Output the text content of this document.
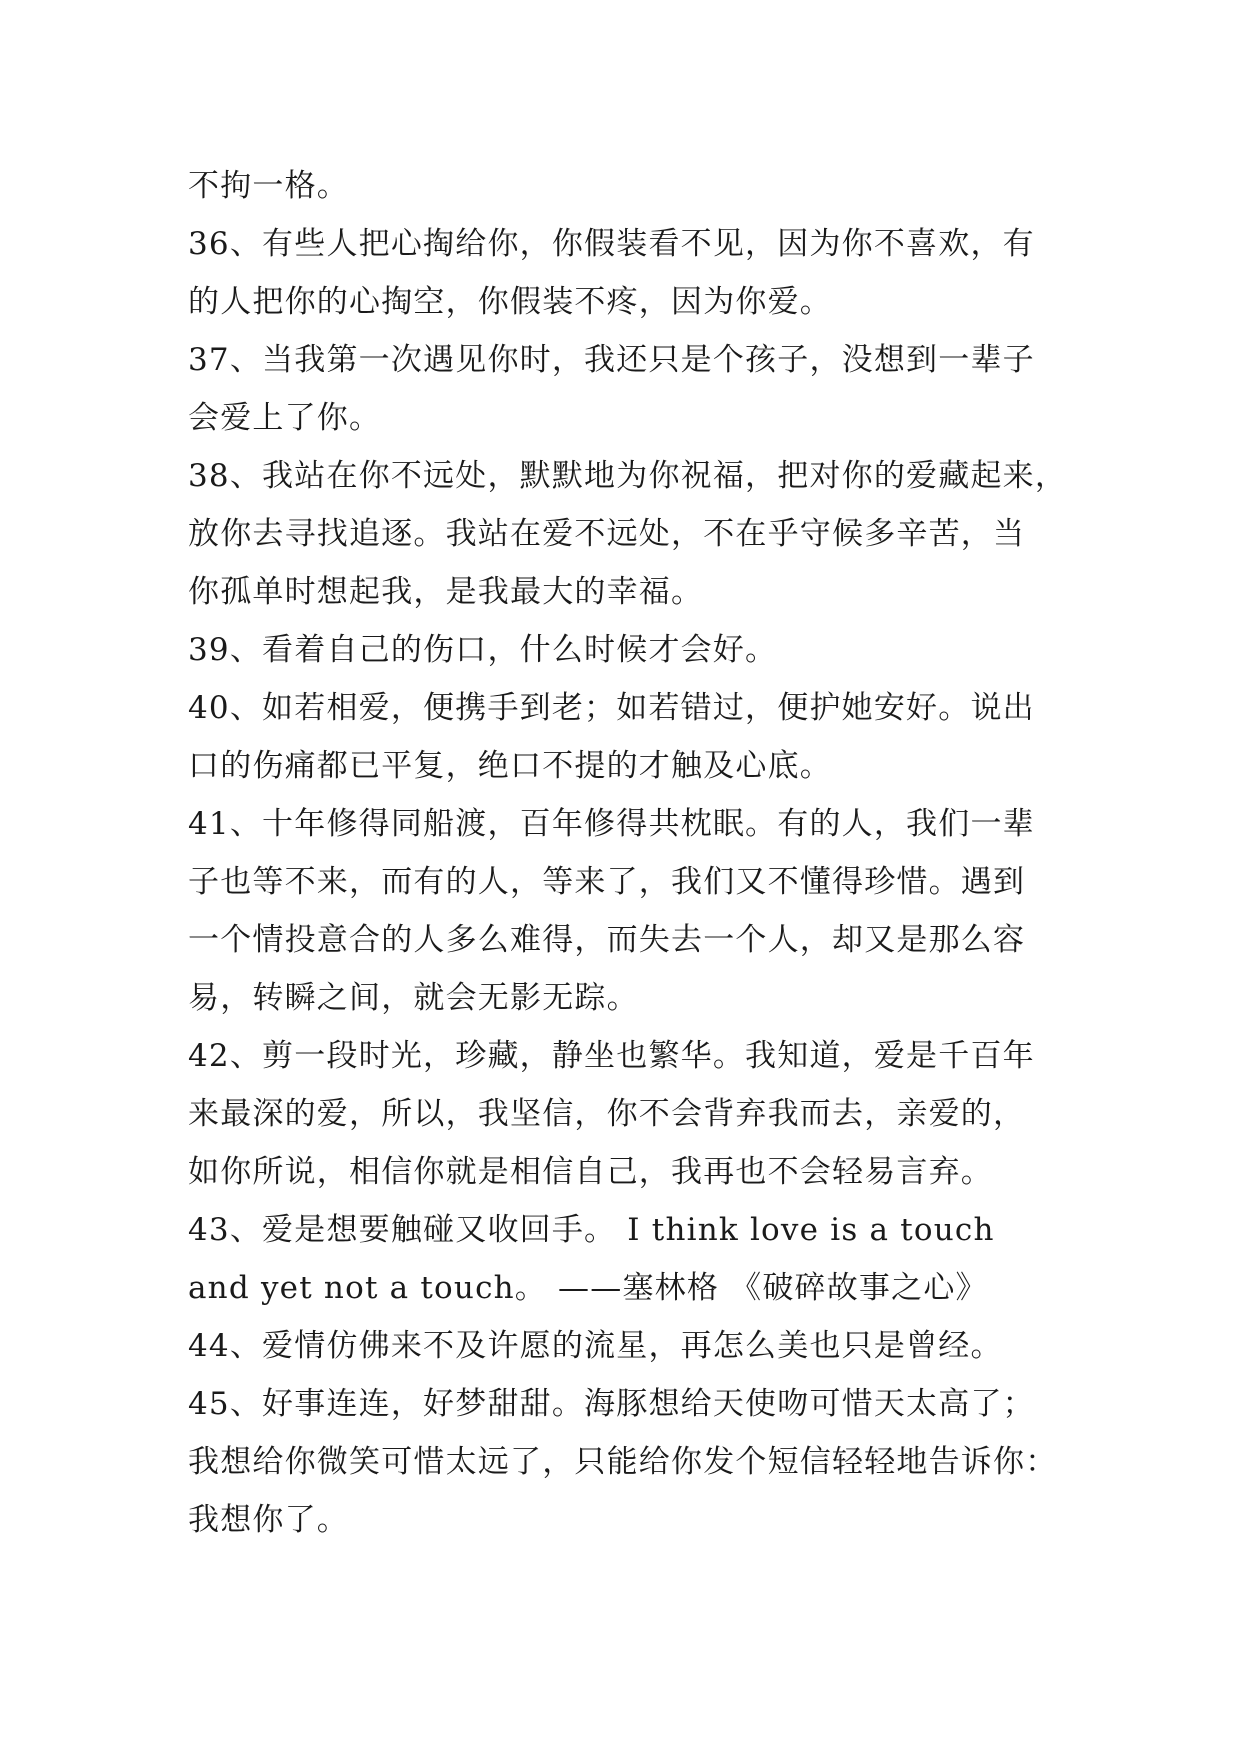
不拘一格。
36、有些人把心掏给你，你假装看不见，因为你不喜欢，有
的人把你的心掏空，你假装不疼，因为你爱。
37、当我第一次遇见你时，我还只是个孩子，没想到一辈子
会爱上了你。
38、我站在你不远处，默默地为你祝福，把对你的爱藏起来，
放你去寻找追逐。我站在爱不远处，不在乎守候多辛苦，当
你孤单时想起我，是我最大的幸福。
39、看着自己的伤口，什么时候才会好。
40、如若相爱，便携手到老；如若错过，便护她安好。说出
口的伤痛都已平复，绝口不提的才触及心底。
41、十年修得同船渡，百年修得共枕眠。有的人，我们一辈
子也等不来，而有的人，等来了，我们又不懂得珍惜。遇到
一个情投意合的人多么难得，而失去一个人，却又是那么容
易，转瞬之间，就会无影无踪。
42、剪一段时光，珍藏，静坐也繁华。我知道，爱是千百年
来最深的爱，所以，我坚信，你不会背弃我而去，亲爱的，
如你所说，相信你就是相信自己，我再也不会轻易言弃。
43、爱是想要触碰又收回手。 I think love is a touch
and yet not a touch。 ——塞林格 《破碎故事之心》
44、爱情仿佛来不及许愿的流星，再怎么美也只是曾经。
45、好事连连，好梦甜甜。海豚想给天使吻可惜天太高了；
我想给你微笑可惜太远了，只能给你发个短信轻轻地告诉你：
我想你了。
